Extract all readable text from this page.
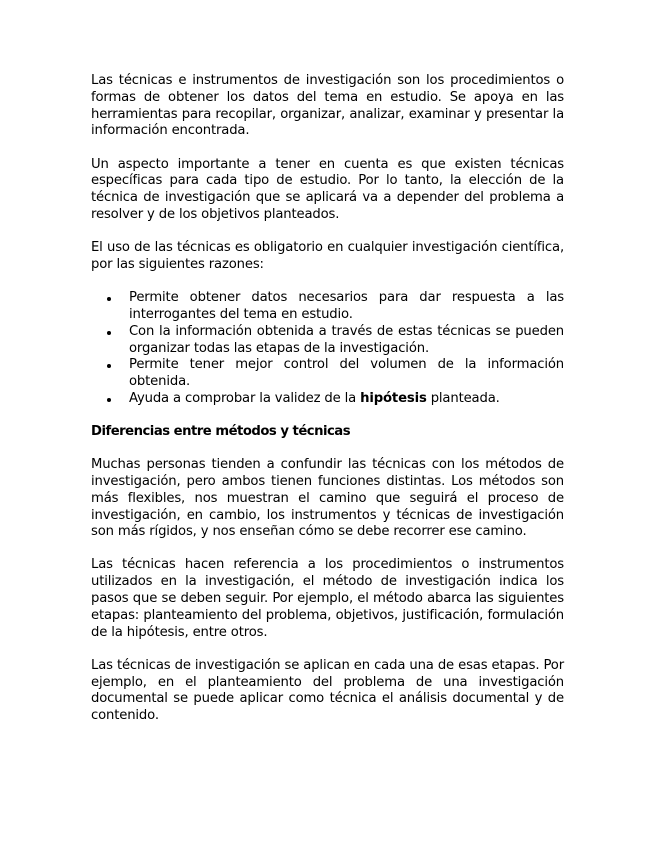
Las técnicas e instrumentos de investigación son los procedimientos o formas de obtener los datos del tema en estudio. Se apoya en las herramientas para recopilar, organizar, analizar, examinar y presentar la información encontrada.

Un aspecto importante a tener en cuenta es que existen técnicas específicas para cada tipo de estudio. Por lo tanto, la elección de la técnica de investigación que se aplicará va a depender del problema a resolver y de los objetivos planteados.

El uso de las técnicas es obligatorio en cualquier investigación científica, por las siguientes razones:

Permite obtener datos necesarios para dar respuesta a las interrogantes del tema en estudio.
Con la información obtenida a través de estas técnicas se pueden organizar todas las etapas de la investigación.
Permite tener mejor control del volumen de la información obtenida.
Ayuda a comprobar la validez de la hipótesis planteada.

Diferencias entre métodos y técnicas

Muchas personas tienden a confundir las técnicas con los métodos de investigación, pero ambos tienen funciones distintas. Los métodos son más flexibles, nos muestran el camino que seguirá el proceso de investigación, en cambio, los instrumentos y técnicas de investigación son más rígidos, y nos enseñan cómo se debe recorrer ese camino.

Las técnicas hacen referencia a los procedimientos o instrumentos utilizados en la investigación, el método de investigación indica los pasos que se deben seguir. Por ejemplo, el método abarca las siguientes etapas: planteamiento del problema, objetivos, justificación, formulación de la hipótesis, entre otros.

Las técnicas de investigación se aplican en cada una de esas etapas. Por ejemplo, en el planteamiento del problema de una investigación documental se puede aplicar como técnica el análisis documental y de contenido.
